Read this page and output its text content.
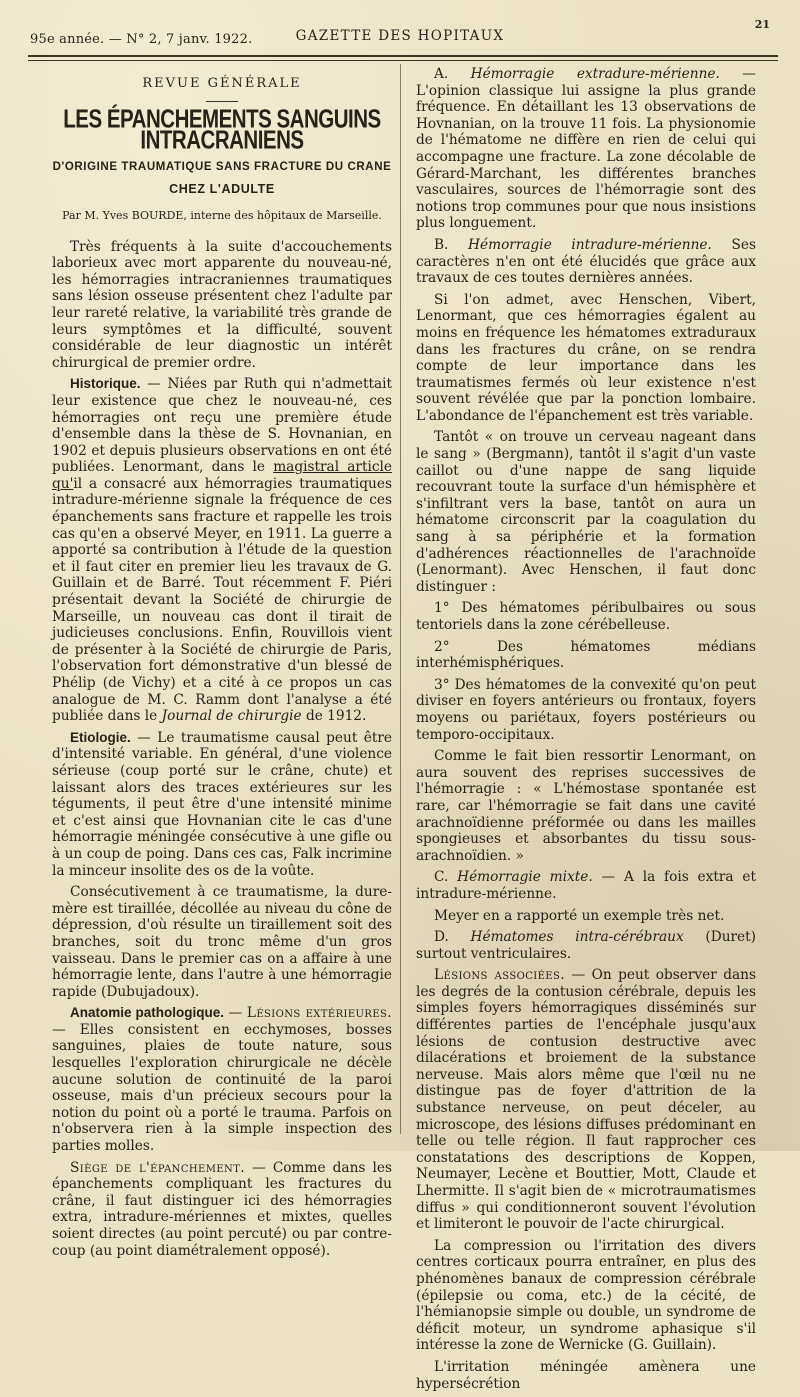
95e année. — N° 2, 7 janv. 1922.	GAZETTE DES HOPITAUX
21
REVUE GÉNÉRALE
LES ÉPANCHEMENTS SANGUINS INTRACRANIENS
D'ORIGINE TRAUMATIQUE SANS FRACTURE DU CRANE
CHEZ L'ADULTE
Par M. Yves BOURDE, interne des hôpitaux de Marseille.

Très fréquents à la suite d'accouchements laborieux avec mort apparente du nouveau-né, les hémorragies intracraniennes traumatiques sans lésion osseuse présentent chez l'adulte par leur rareté relative, la variabilité très grande de leurs symptômes et la difficulté, souvent considérable de leur diagnostic un intérêt chirurgical de premier ordre.

Historique. — Niées par Ruth qui n'admettait leur existence que chez le nouveau-né, ces hémorragies ont reçu une première étude d'ensemble dans la thèse de S. Hovnanian, en 1902 et depuis plusieurs observations en ont été publiées. Lenormant, dans le magistral article qu'il a consacré aux hémorragies traumatiques intradure-mérienne signale la fréquence de ces épanchements sans fracture et rappelle les trois cas qu'en a observé Meyer, en 1911. La guerre a apporté sa contribution à l'étude de la question et il faut citer en premier lieu les travaux de G. Guillain et de Barré. Tout récemment F. Piéri présentait devant la Société de chirurgie de Marseille, un nouveau cas dont il tirait de judicieuses conclusions. Enfin, Rouvillois vient de présenter à la Société de chirurgie de Paris, l'observation fort démonstrative d'un blessé de Phélip (de Vichy) et a cité à ce propos un cas analogue de M. C. Ramm dont l'analyse a été publiée dans le Journal de chirurgie de 1912.

Etiologie. — Le traumatisme causal peut être d'intensité variable. En général, d'une violence sérieuse (coup porté sur le crâne, chute) et laissant alors des traces extérieures sur les téguments, il peut être d'une intensité minime et c'est ainsi que Hovnanian cite le cas d'une hémorragie méningée consécutive à une gifle ou à un coup de poing. Dans ces cas, Falk incrimine la minceur insolite des os de la voûte.

Consécutivement à ce traumatisme, la dure-mère est tiraillée, décollée au niveau du cône de dépression, d'où résulte un tiraillement soit des branches, soit du tronc même d'un gros vaisseau. Dans le premier cas on a affaire à une hémorragie lente, dans l'autre à une hémorragie rapide (Dubujadoux).

Anatomie pathologique. — Lésions extérieures. — Elles consistent en ecchymoses, bosses sanguines, plaies de toute nature, sous lesquelles l'exploration chirurgicale ne décèle aucune solution de continuité de la paroi osseuse, mais d'un précieux secours pour la notion du point où a porté le trauma. Parfois on n'observera rien à la simple inspection des parties molles.

Siège de l'épanchement. — Comme dans les épanchements compliquant les fractures du crâne, il faut distinguer ici des hémorragies extra, intradure-mériennes et mixtes, quelles soient directes (au point percuté) ou par contre-coup (au point diamétralement opposé).

A. Hémorragie extradure-mérienne. — L'opinion classique lui assigne la plus grande fréquence. En détaillant les 13 observations de Hovnanian, on la trouve 11 fois. La physionomie de l'hématome ne diffère en rien de celui qui accompagne une fracture. La zone décolable de Gérard-Marchant, les différentes branches vasculaires, sources de l'hémorragie sont des notions trop communes pour que nous insistions plus longuement.

B. Hémorragie intradure-mérienne. Ses caractères n'en ont été élucidés que grâce aux travaux de ces toutes dernières années.

Si l'on admet, avec Henschen, Vibert, Lenormant, que ces hémorragies égalent au moins en fréquence les hématomes extraduraux dans les fractures du crâne, on se rendra compte de leur importance dans les traumatismes fermés où leur existence n'est souvent révélée que par la ponction lombaire. L'abondance de l'épanchement est très variable.

Tantôt « on trouve un cerveau nageant dans le sang » (Bergmann), tantôt il s'agit d'un vaste caillot ou d'une nappe de sang liquide recouvrant toute la surface d'un hémisphère et s'infiltrant vers la base, tantôt on aura un hématome circonscrit par la coagulation du sang à sa périphérie et la formation d'adhérences réactionnelles de l'arachnoïde (Lenormant). Avec Henschen, il faut donc distinguer :

1° Des hématomes péribulbaires ou sous tentoriels dans la zone cérébelleuse.

2° Des hématomes médians interhémisphériques.

3° Des hématomes de la convexité qu'on peut diviser en foyers antérieurs ou frontaux, foyers moyens ou pariétaux, foyers postérieurs ou temporo-occipitaux.

Comme le fait bien ressortir Lenormant, on aura souvent des reprises successives de l'hémorragie : « L'hémostase spontanée est rare, car l'hémorragie se fait dans une cavité arachnoïdienne préformée ou dans les mailles spongieuses et absorbantes du tissu sous-arachnoïdien. »

C. Hémorragie mixte. — A la fois extra et intradure-mérienne.

Meyer en a rapporté un exemple très net.

D. Hématomes intra-cérébraux (Duret) surtout ventriculaires.

Lésions associées. — On peut observer dans les degrés de la contusion cérébrale, depuis les simples foyers hémorragiques disséminés sur différentes parties de l'encéphale jusqu'aux lésions de contusion destructive avec dilacérations et broiement de la substance nerveuse. Mais alors même que l'œil nu ne distingue pas de foyer d'attrition de la substance nerveuse, on peut déceler, au microscope, des lésions diffuses prédominant en telle ou telle région. Il faut rapprocher ces constatations des descriptions de Koppen, Neumayer, Lecène et Bouttier, Mott, Claude et Lhermitte. Il s'agit bien de « microtraumatismes diffus » qui conditionneront souvent l'évolution et limiteront le pouvoir de l'acte chirurgical.

La compression ou l'irritation des divers centres corticaux pourra entraîner, en plus des phénomènes banaux de compression cérébrale (épilepsie ou coma, etc.) de la cécité, de l'hémianopsie simple ou double, un syndrome de déficit moteur, un syndrome aphasique s'il intéresse la zone de Wernicke (G. Guillain).

L'irritation méningée amènera une hypersécrétion
